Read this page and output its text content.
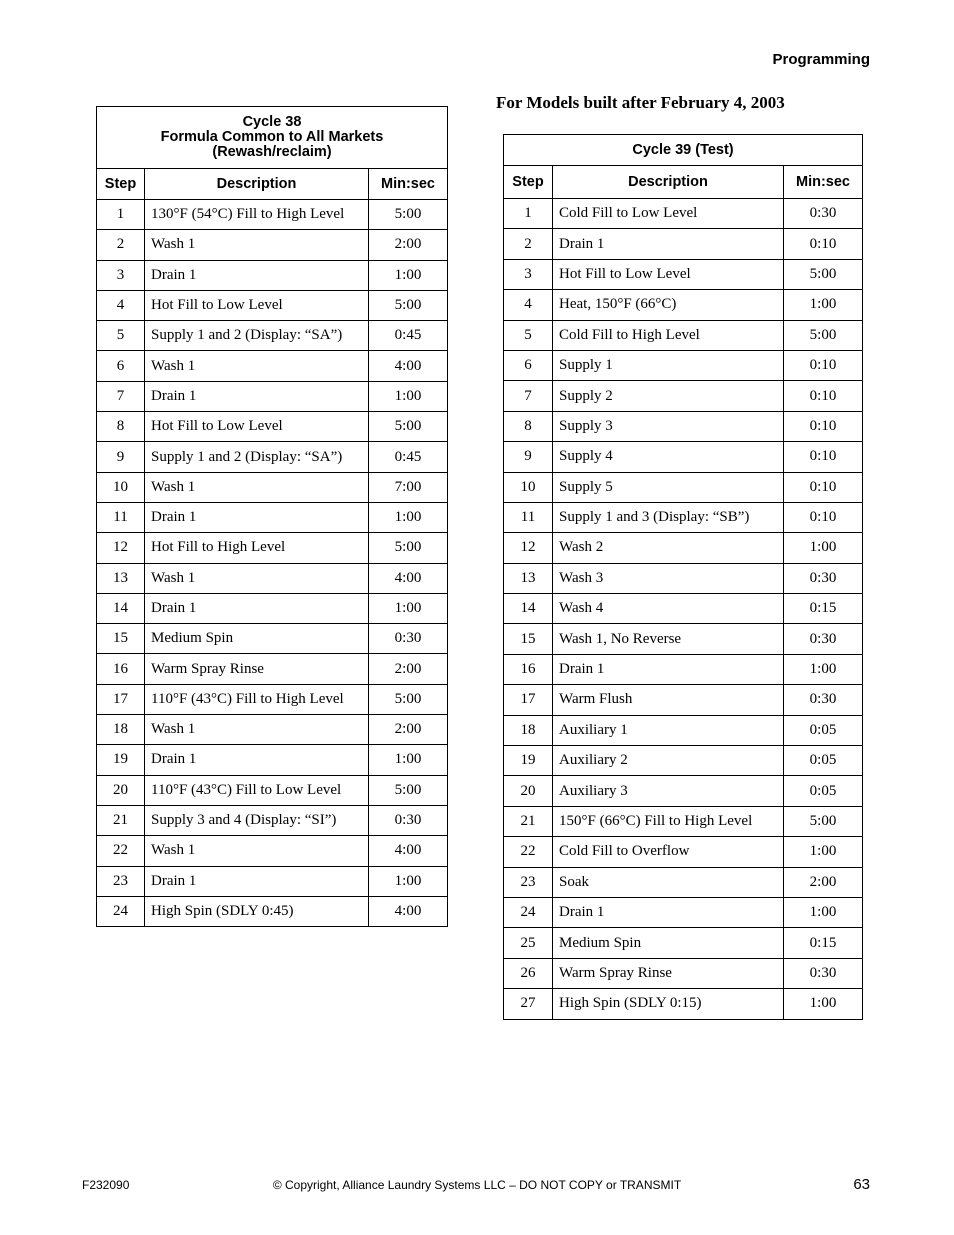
Programming
For Models built after February 4, 2003
Cycle 38
Formula Common to All Markets
(Rewash/reclaim)		

Step	Description	Min:sec
1	130°F (54°C) Fill to High Level	5:00
2	Wash 1	2:00
3	Drain 1	1:00
4	Hot Fill to Low Level	5:00
5	Supply 1 and 2 (Display: “SA”)	0:45
6	Wash 1	4:00
7	Drain 1	1:00
8	Hot Fill to Low Level	5:00
9	Supply 1 and 2 (Display: “SA”)	0:45
10	Wash 1	7:00
11	Drain 1	1:00
12	Hot Fill to High Level	5:00
13	Wash 1	4:00
14	Drain 1	1:00
15	Medium Spin	0:30
16	Warm Spray Rinse	2:00
17	110°F (43°C) Fill to High Level	5:00
18	Wash 1	2:00
19	Drain 1	1:00
20	110°F (43°C) Fill to Low Level	5:00
21	Supply 3 and 4 (Display: “SI”)	0:30
22	Wash 1	4:00
23	Drain 1	1:00
24	High Spin (SDLY 0:45)	4:00
Cycle 39 (Test)		
Step	Description	Min:sec
1	Cold Fill to Low Level	0:30
2	Drain 1	0:10
3	Hot Fill to Low Level	5:00
4	Heat, 150°F (66°C)	1:00
5	Cold Fill to High Level	5:00
6	Supply 1	0:10
7	Supply 2	0:10
8	Supply 3	0:10
9	Supply 4	0:10
10	Supply 5	0:10
11	Supply 1 and 3 (Display: “SB”)	0:10
12	Wash 2	1:00
13	Wash 3	0:30
14	Wash 4	0:15
15	Wash 1, No Reverse	0:30
16	Drain 1	1:00
17	Warm Flush	0:30
18	Auxiliary 1	0:05
19	Auxiliary 2	0:05
20	Auxiliary 3	0:05
21	150°F (66°C) Fill to High Level	5:00
22	Cold Fill to Overflow	1:00
23	Soak	2:00
24	Drain 1	1:00
25	Medium Spin	0:15
26	Warm Spray Rinse	0:30
27	High Spin (SDLY 0:15)	1:00
F232090	© Copyright, Alliance Laundry Systems LLC – DO NOT COPY or TRANSMIT	63
